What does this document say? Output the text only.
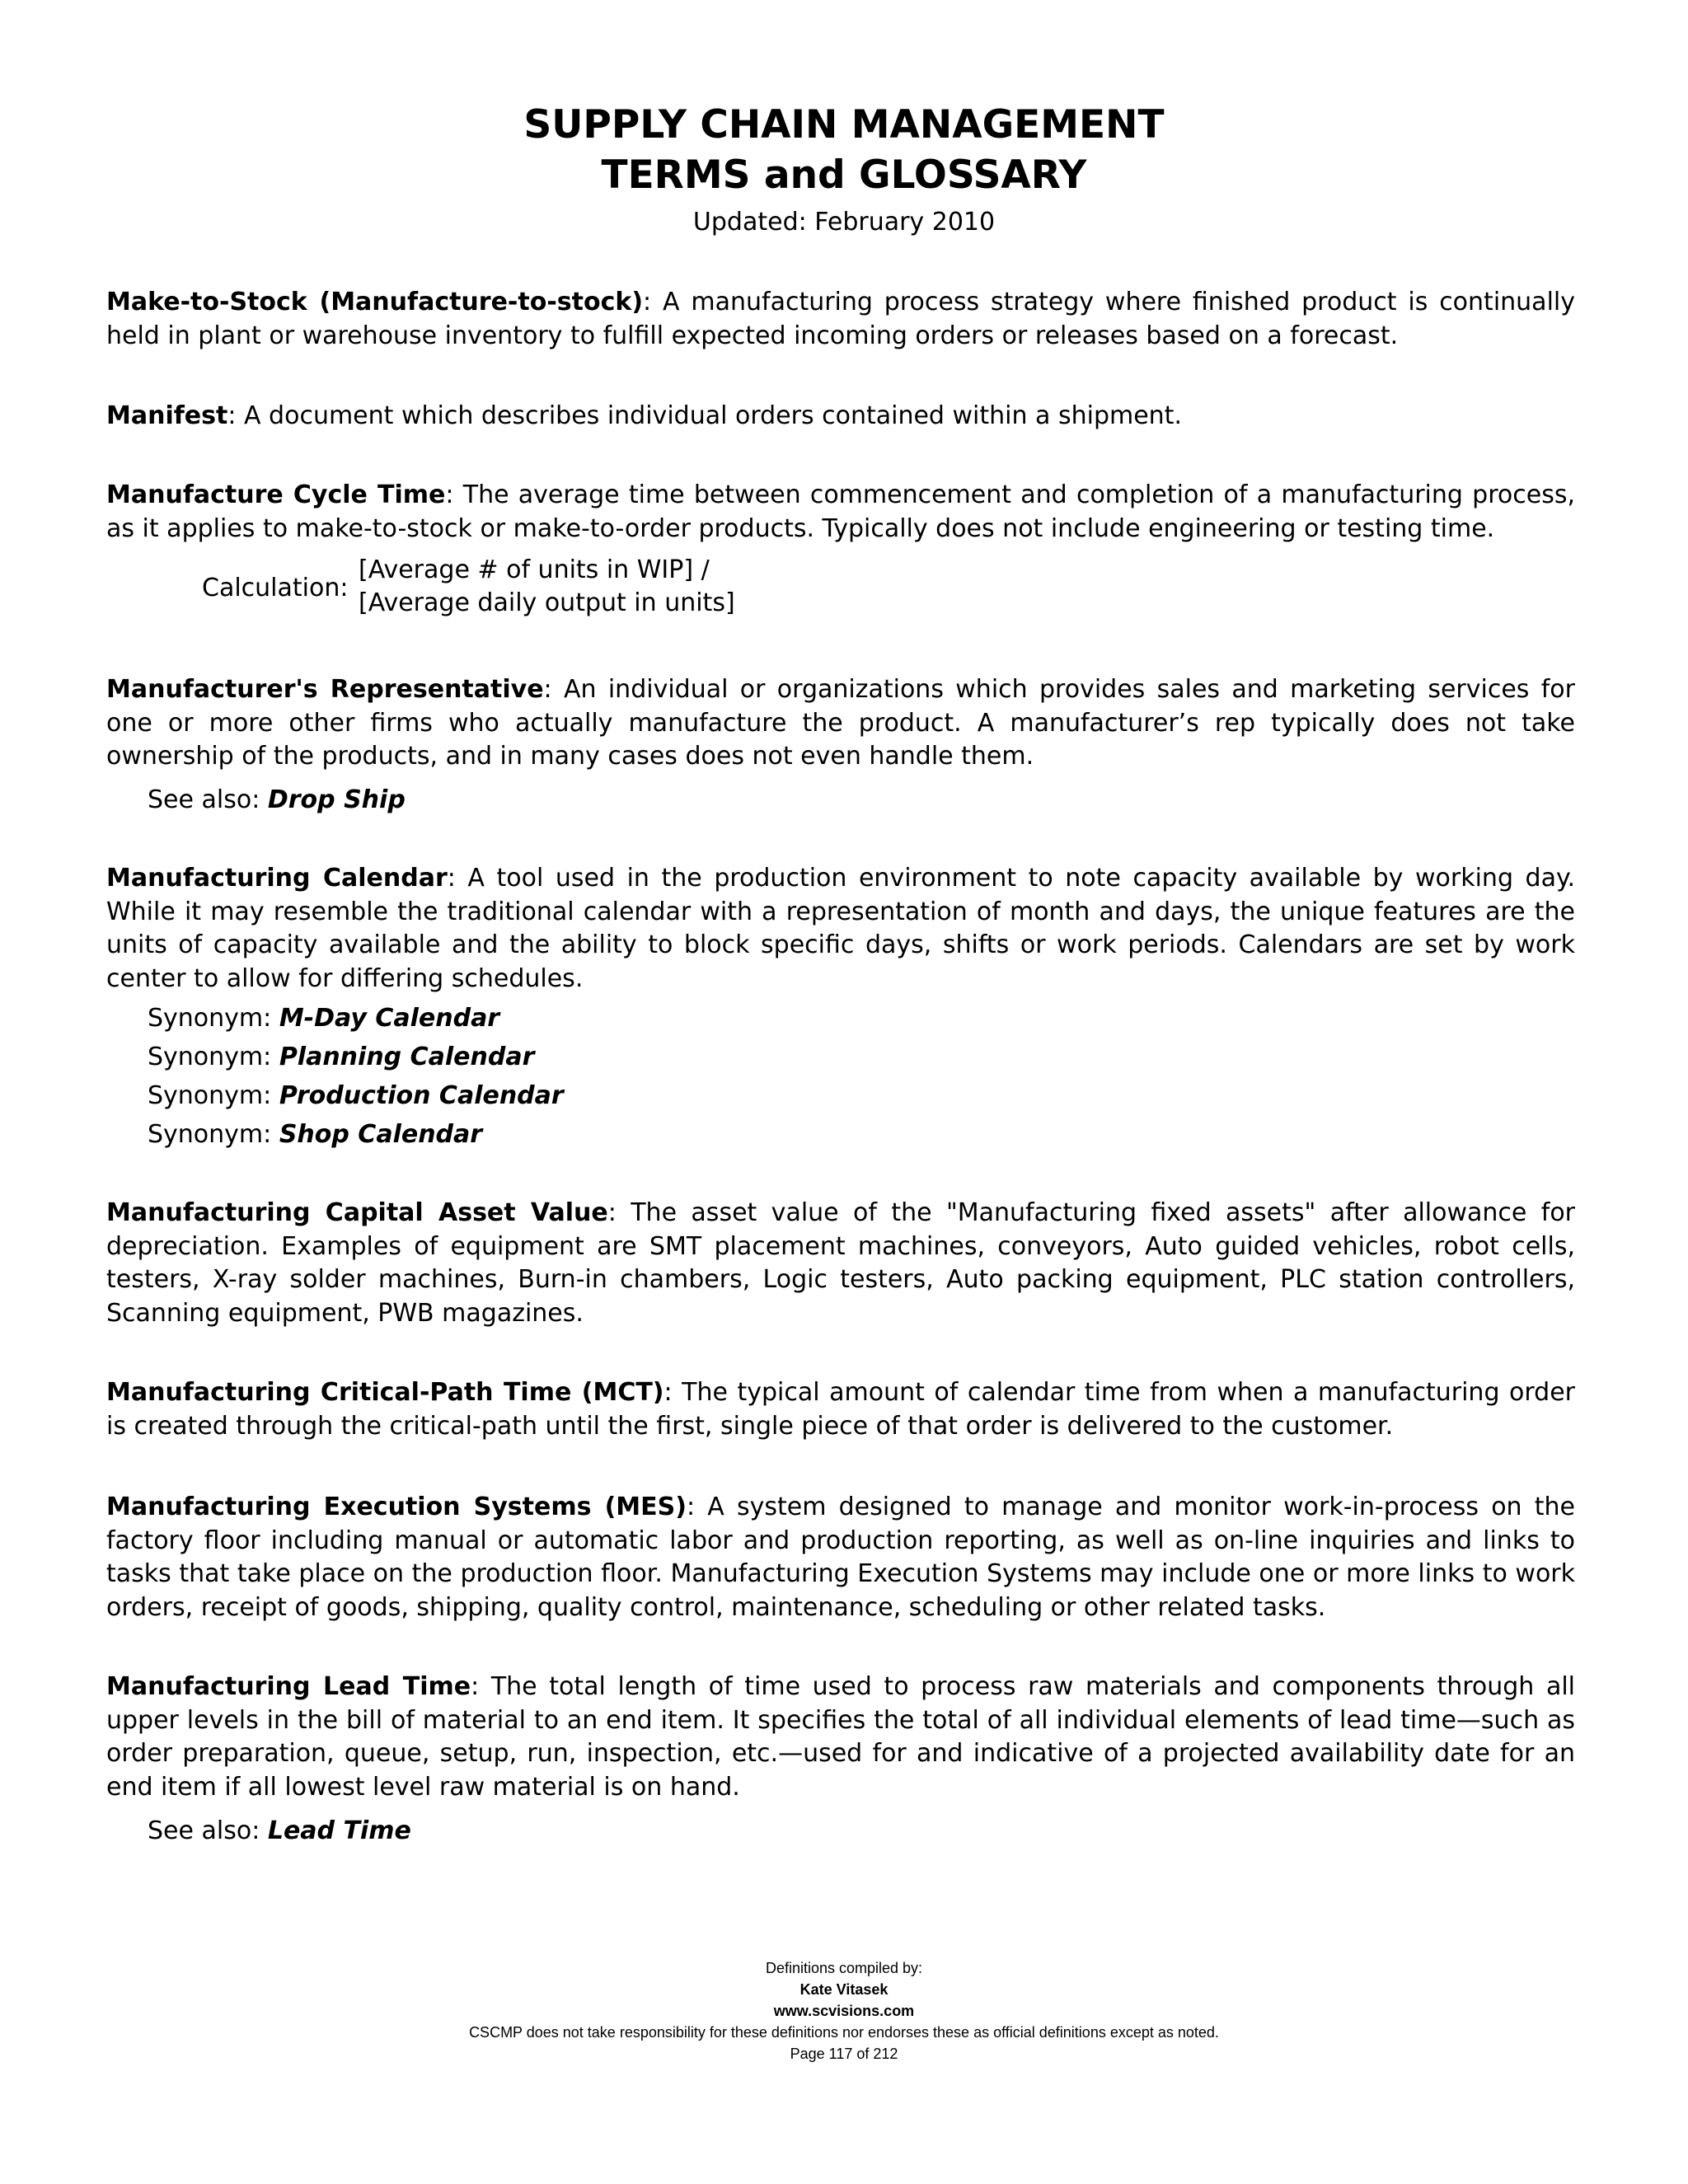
SUPPLY CHAIN MANAGEMENT
TERMS and GLOSSARY
Updated: February 2010

Make-to-Stock (Manufacture-to-stock): A manufacturing process strategy where finished product is continually held in plant or warehouse inventory to fulfill expected incoming orders or releases based on a forecast.

Manifest: A document which describes individual orders contained within a shipment.

Manufacture Cycle Time: The average time between commencement and completion of a manufacturing process, as it applies to make-to-stock or make-to-order products. Typically does not include engineering or testing time.

Calculation:
[Average # of units in WIP] /
[Average daily output in units]

Manufacturer's Representative: An individual or organizations which provides sales and marketing services for one or more other firms who actually manufacture the product. A manufacturer’s rep typically does not take ownership of the products, and in many cases does not even handle them.

See also: Drop Ship

Manufacturing Calendar: A tool used in the production environment to note capacity available by working day. While it may resemble the traditional calendar with a representation of month and days, the unique features are the units of capacity available and the ability to block specific days, shifts or work periods. Calendars are set by work center to allow for differing schedules.

Synonym: M-Day Calendar
Synonym: Planning Calendar
Synonym: Production Calendar
Synonym: Shop Calendar

Manufacturing Capital Asset Value: The asset value of the "Manufacturing fixed assets" after allowance for depreciation. Examples of equipment are SMT placement machines, conveyors, Auto guided vehicles, robot cells, testers, X-ray solder machines, Burn-in chambers, Logic testers, Auto packing equipment, PLC station controllers, Scanning equipment, PWB magazines.

Manufacturing Critical-Path Time (MCT): The typical amount of calendar time from when a manufacturing order is created through the critical-path until the first, single piece of that order is delivered to the customer.

Manufacturing Execution Systems (MES): A system designed to manage and monitor work-in-process on the factory floor including manual or automatic labor and production reporting, as well as on-line inquiries and links to tasks that take place on the production floor. Manufacturing Execution Systems may include one or more links to work orders, receipt of goods, shipping, quality control, maintenance, scheduling or other related tasks.

Manufacturing Lead Time: The total length of time used to process raw materials and components through all upper levels in the bill of material to an end item. It specifies the total of all individual elements of lead time—such as order preparation, queue, setup, run, inspection, etc.—used for and indicative of a projected availability date for an end item if all lowest level raw material is on hand.

See also: Lead Time
Definitions compiled by:
Kate Vitasek
www.scvisions.com
CSCMP does not take responsibility for these definitions nor endorses these as official definitions except as noted.
Page 117 of 212
